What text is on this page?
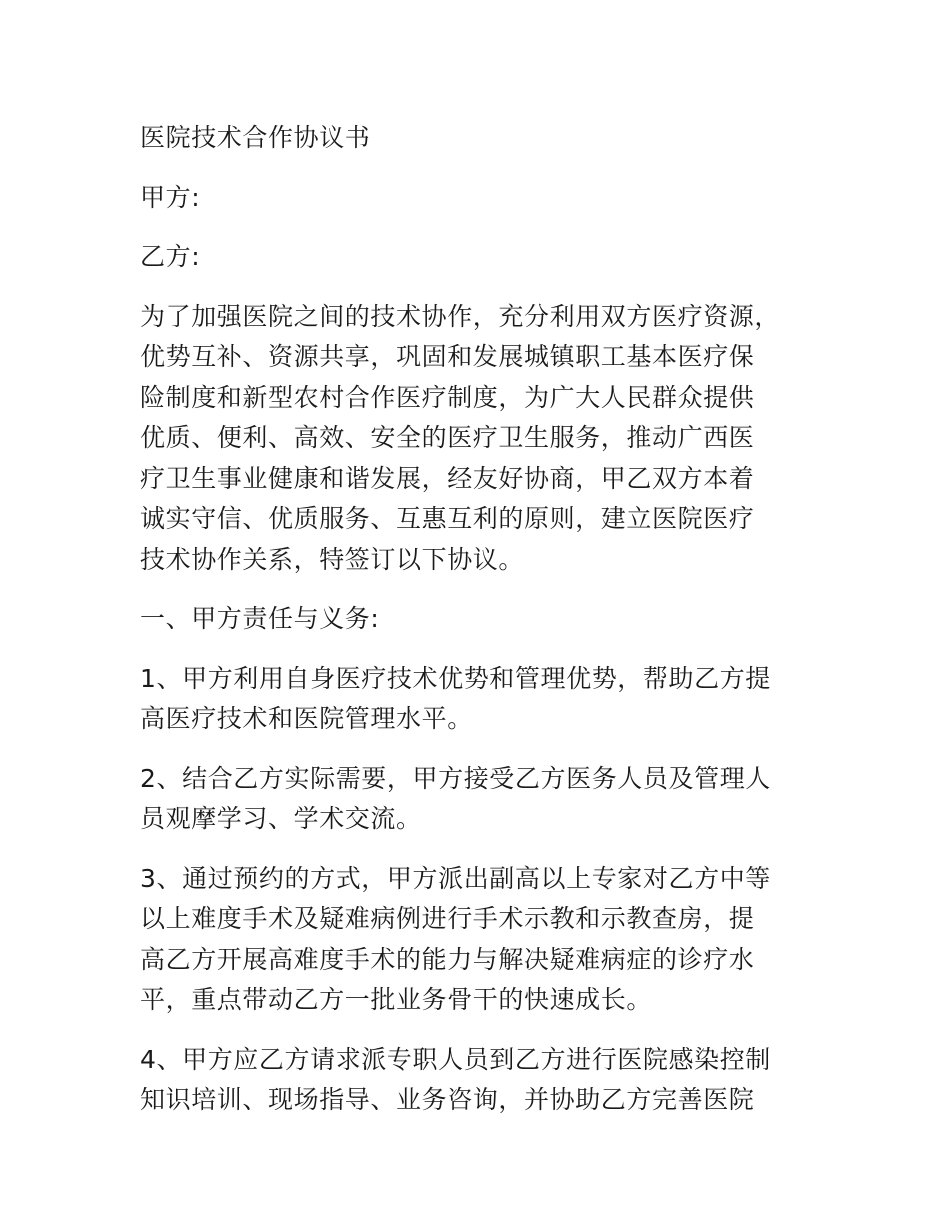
医院技术合作协议书

甲方:

乙方:

为了加强医院之间的技术协作，充分利用双方医疗资源，
优势互补、资源共享，巩固和发展城镇职工基本医疗保
险制度和新型农村合作医疗制度，为广大人民群众提供
优质、便利、高效、安全的医疗卫生服务，推动广西医
疗卫生事业健康和谐发展，经友好协商，甲乙双方本着
诚实守信、优质服务、互惠互利的原则，建立医院医疗
技术协作关系，特签订以下协议。

一、甲方责任与义务:

1、甲方利用自身医疗技术优势和管理优势，帮助乙方提
高医疗技术和医院管理水平。

2、结合乙方实际需要，甲方接受乙方医务人员及管理人
员观摩学习、学术交流。

3、通过预约的方式，甲方派出副高以上专家对乙方中等
以上难度手术及疑难病例进行手术示教和示教查房，提
高乙方开展高难度手术的能力与解决疑难病症的诊疗水
平，重点带动乙方一批业务骨干的快速成长。

4、甲方应乙方请求派专职人员到乙方进行医院感染控制
知识培训、现场指导、业务咨询，并协助乙方完善医院
